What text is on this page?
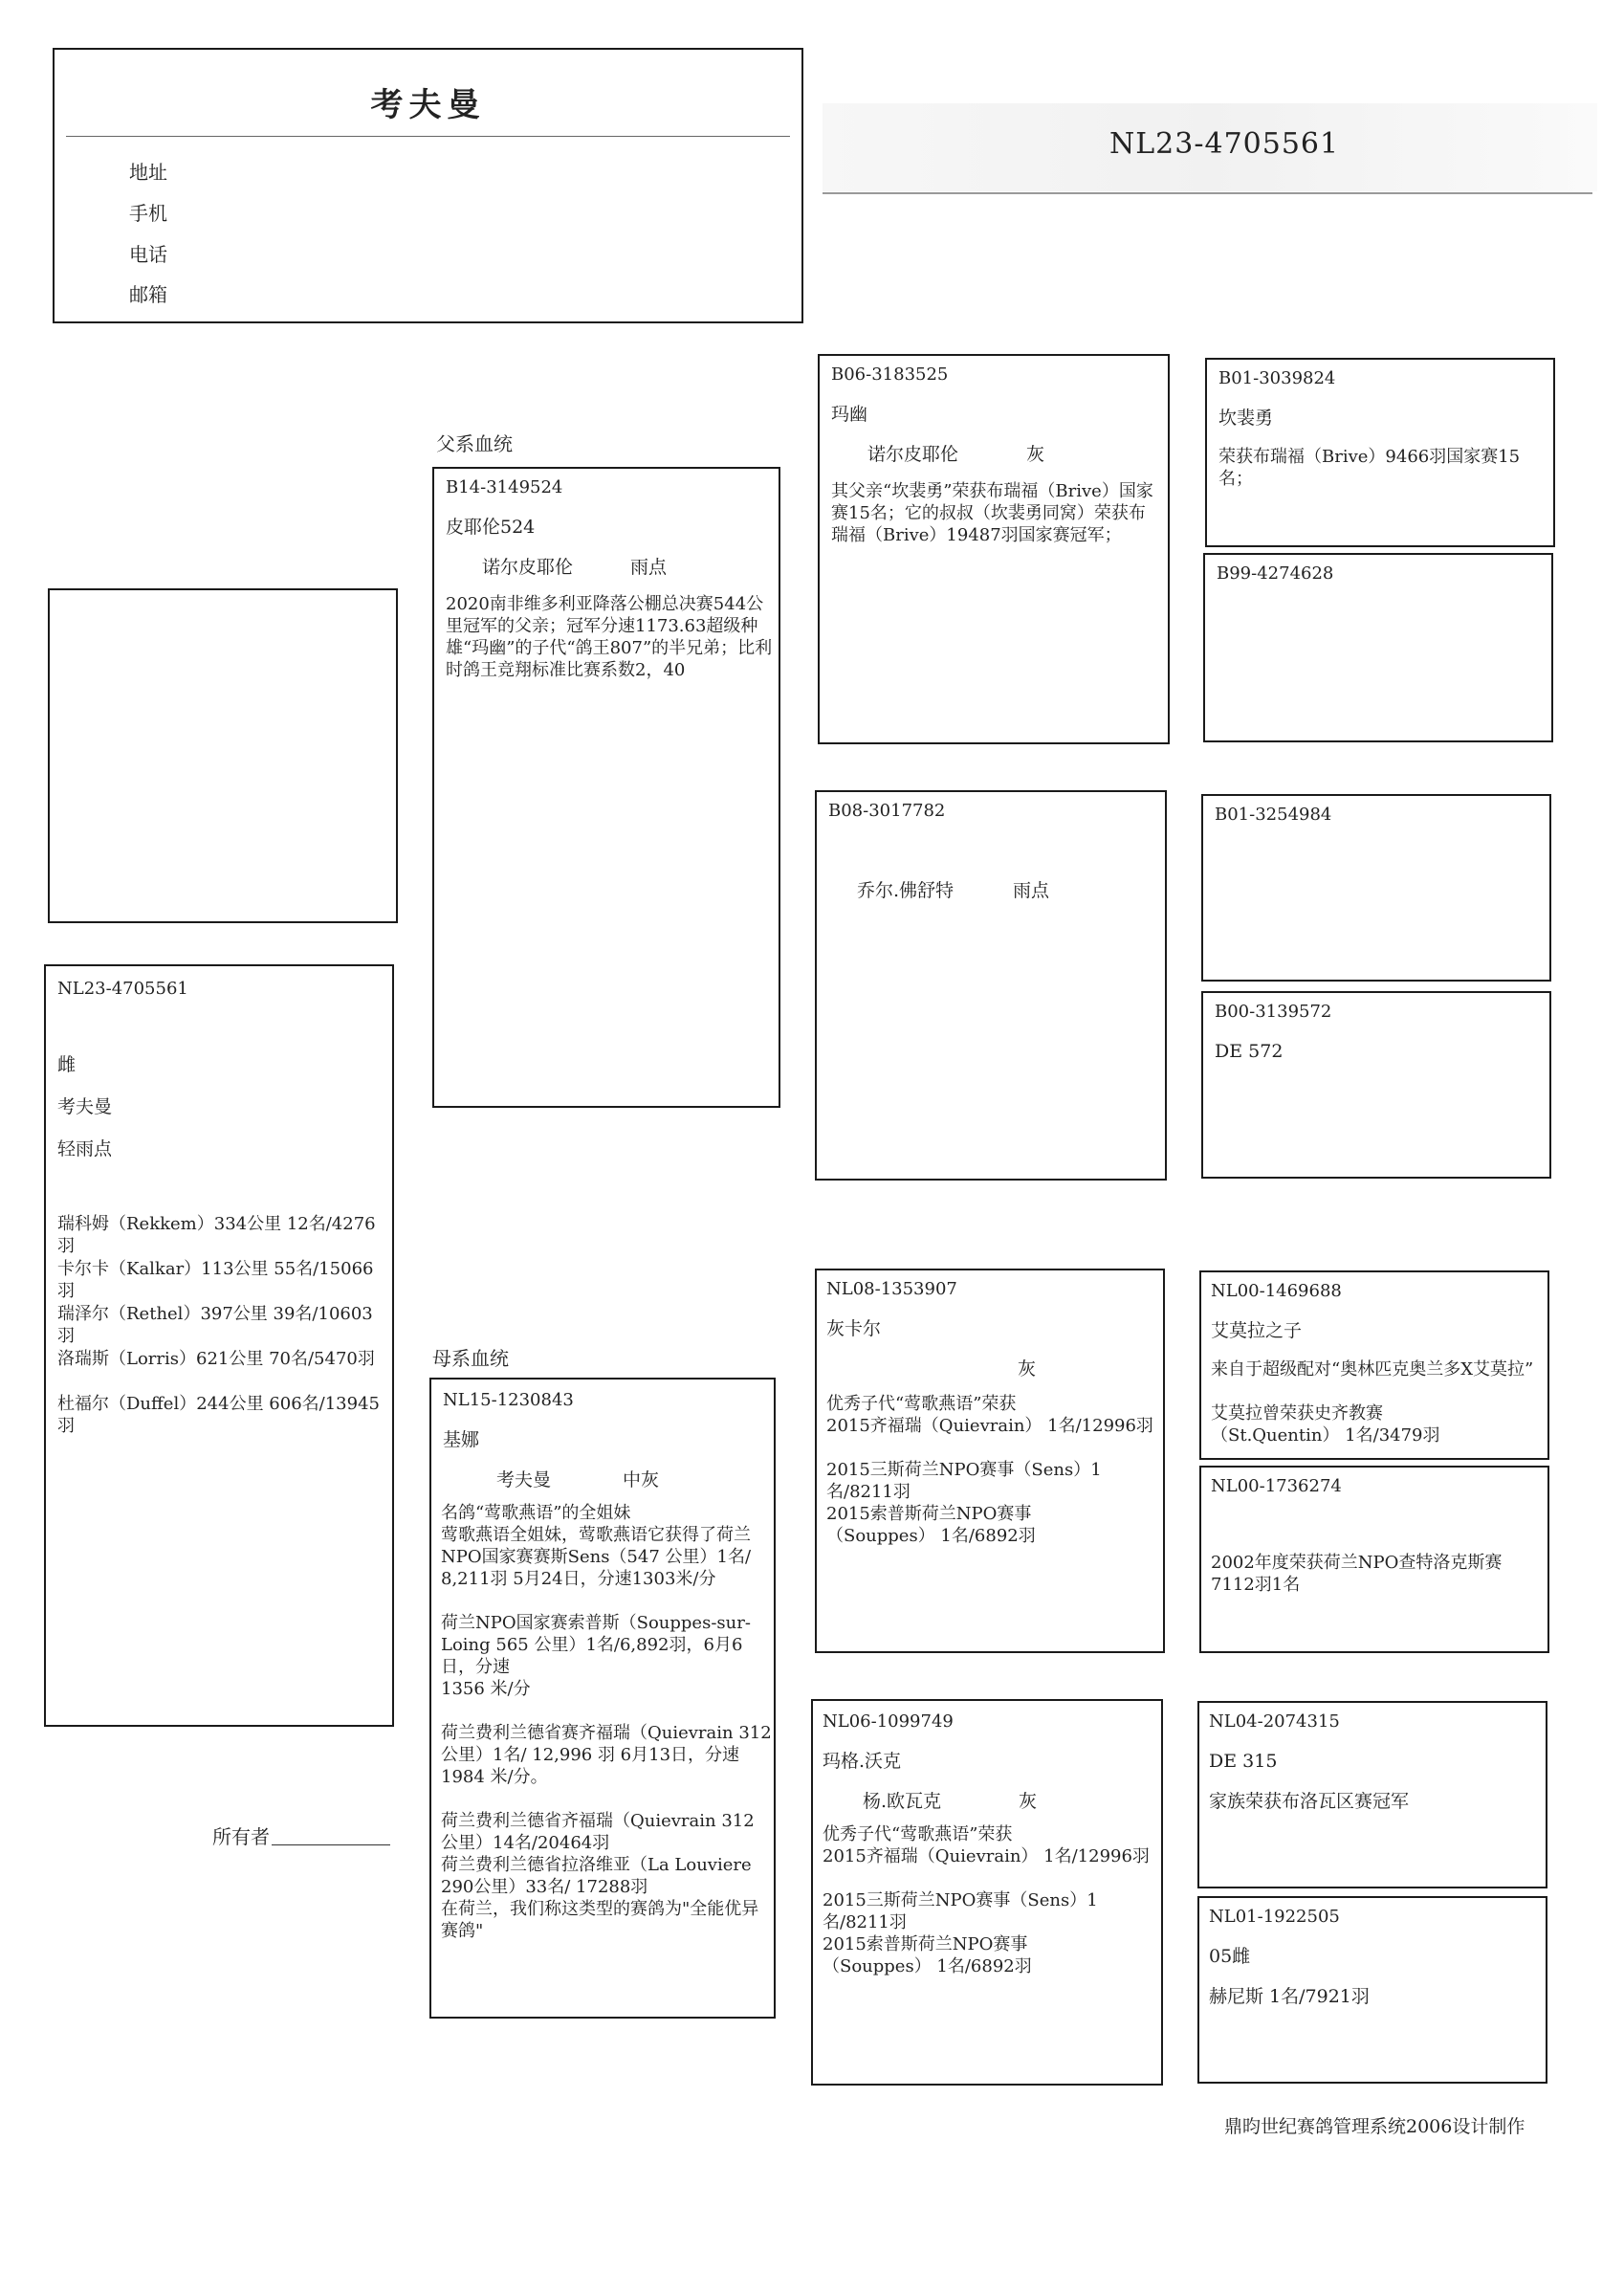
考夫曼
地址
手机
电话
邮箱
NL23-4705561
NL23-4705561
雌
考夫曼
轻雨点
瑞科姆（Rekkem）334公里 12名/4276羽
卡尔卡（Kalkar）113公里 55名/15066羽
瑞泽尔（Rethel）397公里 39名/10603羽
洛瑞斯（Lorris）621公里 70名/5470羽
杜福尔（Duffel）244公里 606名/13945羽
父系血统
母系血统
B14-3149524
皮耶伦524
诺尔皮耶伦	雨点
2020南非维多利亚降落公棚总决赛544公里冠军的父亲；冠军分速1173.63超级种雄“玛幽”的子代“鸽王807”的半兄弟；比利时鸽王竞翔标准比赛系数2，40
NL15-1230843
基娜
考夫曼	中灰
名鸽“莺歌燕语”的全姐妹
莺歌燕语全姐妹，莺歌燕语它获得了荷兰NPO国家赛赛斯Sens（547 公里）1名/ 8,211羽 5月24日，分速1303米/分
荷兰NPO国家赛索普斯（Souppes-sur-Loing 565 公里）1名/6,892羽，6月6日，分速
1356 米/分
荷兰费利兰德省赛齐福瑞（Quievrain 312 公里）1名/ 12,996 羽 6月13日，分速 1984 米/分。
荷兰费利兰德省齐福瑞（Quievrain 312 公里）14名/20464羽
荷兰费利兰德省拉洛维亚（La Louviere 290公里）33名/ 17288羽
在荷兰，我们称这类型的赛鸽为"全能优异赛鸽"
B06-3183525
玛幽
诺尔皮耶伦	灰
其父亲“坎裴勇”荣获布瑞福（Brive）国家赛15名；它的叔叔（坎裴勇同窝）荣获布瑞福（Brive）19487羽国家赛冠军；
B08-3017782
乔尔.佛舒特	雨点
NL08-1353907
灰卡尔
灰
优秀子代“莺歌燕语”荣获
2015齐福瑞（Quievrain） 1名/12996羽
2015三斯荷兰NPO赛事（Sens）1名/8211羽
2015索普斯荷兰NPO赛事
（Souppes） 1名/6892羽
NL06-1099749
玛格.沃克
杨.欧瓦克	灰
优秀子代“莺歌燕语”荣获
2015齐福瑞（Quievrain） 1名/12996羽
2015三斯荷兰NPO赛事（Sens）1名/8211羽
2015索普斯荷兰NPO赛事
（Souppes） 1名/6892羽
B01-3039824
坎裴勇
荣获布瑞福（Brive）9466羽国家赛15名；
B99-4274628
B01-3254984
B00-3139572
DE 572
NL00-1469688
艾莫拉之子
来自于超级配对“奥林匹克奥兰多X艾莫拉”
艾莫拉曾荣获史齐教赛
（St.Quentin） 1名/3479羽
NL00-1736274
2002年度荣获荷兰NPO查特洛克斯赛7112羽1名
NL04-2074315
DE 315
家族荣获布洛瓦区赛冠军
NL01-1922505
05雌
赫尼斯 1名/7921羽
所有者
鼎昀世纪赛鸽管理系统2006设计制作
